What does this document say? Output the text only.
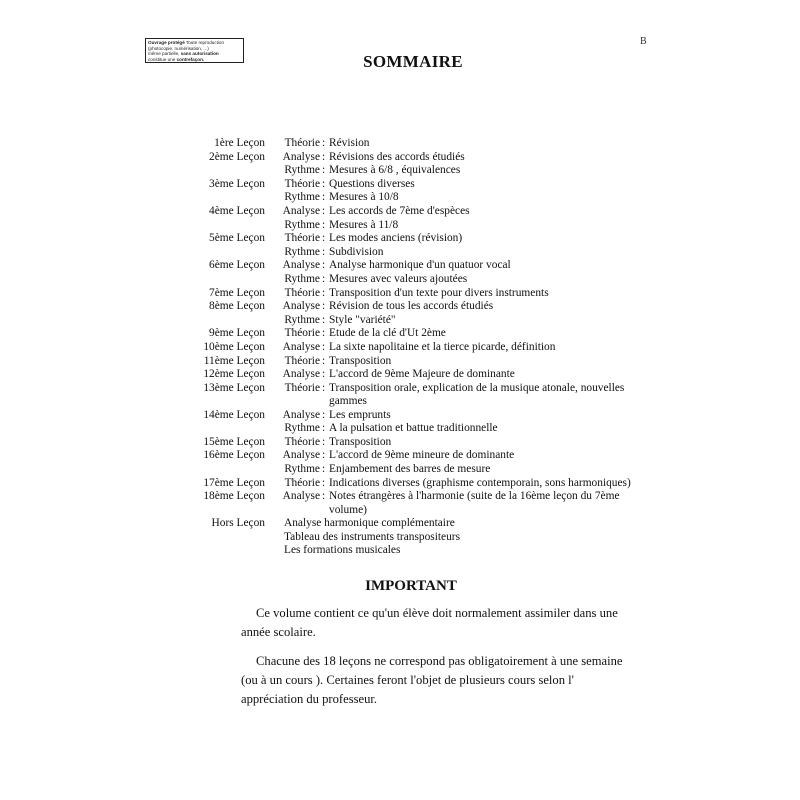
Ouvrage protégé Toute reproduction
(photocopie, numérisation, ...)
même partielle, sans autorisation
constitue une contrefaçon.
B
SOMMAIRE
1ère Leçon Théorie : Révision
2ème Leçon Analyse : Révisions des accords étudiés
Rythme : Mesures à 6/8 , équivalences
3ème Leçon Théorie : Questions diverses
Rythme : Mesures à 10/8
4ème Leçon Analyse : Les accords de 7ème d'espèces
Rythme : Mesures à 11/8
5ème Leçon Théorie : Les modes anciens (révision)
Rythme : Subdivision
6ème Leçon Analyse : Analyse harmonique d'un quatuor vocal
Rythme : Mesures avec valeurs ajoutées
7ème Leçon Théorie : Transposition d'un texte pour divers instruments
8ème Leçon Analyse : Révision de tous les accords étudiés
Rythme : Style "variété"
9ème Leçon Théorie : Etude de la clé d'Ut 2ème
10ème Leçon Analyse : La sixte napolitaine et la tierce picarde, définition
11ème Leçon Théorie : Transposition
12ème Leçon Analyse : L'accord de 9ème Majeure de dominante
13ème Leçon Théorie : Transposition orale, explication de la musique atonale, nouvelles gammes
14ème Leçon Analyse : Les emprunts
Rythme : A la pulsation et battue traditionnelle
15ème Leçon Théorie : Transposition
16ème Leçon Analyse : L'accord de 9ème mineure de dominante
Rythme : Enjambement des barres de mesure
17ème Leçon Théorie : Indications diverses (graphisme contemporain, sons harmoniques)
18ème Leçon Analyse : Notes étrangères à l'harmonie (suite de la 16ème leçon du 7ème volume)
Hors Leçon Analyse harmonique complémentaire
Tableau des instruments transpositeurs
Les formations musicales
IMPORTANT
Ce volume contient ce qu'un élève doit normalement assimiler dans une année scolaire.
Chacune des 18 leçons ne correspond pas obligatoirement à une semaine (ou à un cours ). Certaines feront l'objet de plusieurs cours selon l' appréciation du professeur.
